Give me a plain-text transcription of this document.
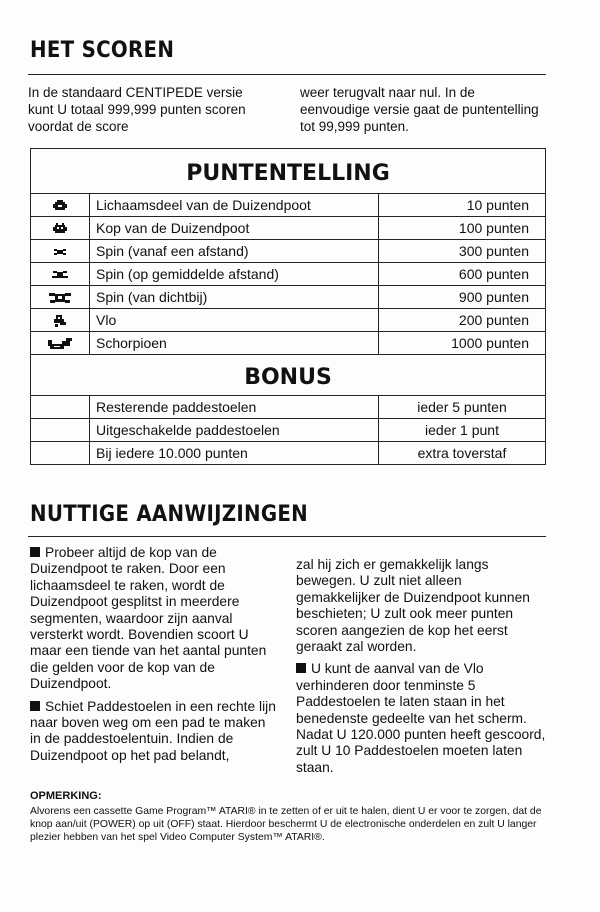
HET SCOREN

In de standaard CENTIPEDE versie kunt U totaal 999,999 punten scoren voordat de score

weer terugvalt naar nul. In de eenvoudige versie gaat de puntentelling tot 99,999 punten.

PUNTENTELLING		
	Lichaamsdeel van de Duizendpoot	10 punten
	Kop van de Duizendpoot	100 punten
	Spin (vanaf een afstand)	300 punten
	Spin (op gemiddelde afstand)	600 punten
	Spin (van dichtbij)	900 punten
	Vlo	200 punten
	Schorpioen	1000 punten
BONUS		
	Resterende paddestoelen	ieder 5 punten
	Uitgeschakelde paddestoelen	ieder 1 punt
	Bij iedere 10.000 punten	extra toverstaf
NUTTIGE AANWIJZINGEN

Probeer altijd de kop van de Duizendpoot te raken. Door een lichaamsdeel te raken, wordt de Duizendpoot gesplitst in meerdere segmenten, waardoor zijn aanval versterkt wordt. Bovendien scoort U maar een tiende van het aantal punten die gelden voor de kop van de Duizendpoot.

Schiet Paddestoelen in een rechte lijn naar boven weg om een pad te maken in de paddestoelentuin. Indien de Duizendpoot op het pad belandt,

zal hij zich er gemakkelijk langs bewegen. U zult niet alleen gemakkelijker de Duizendpoot kunnen beschieten; U zult ook meer punten scoren aangezien de kop het eerst geraakt zal worden.

U kunt de aanval van de Vlo verhinderen door tenminste 5 Paddestoelen te laten staan in het benedenste gedeelte van het scherm. Nadat U 120.000 punten heeft gescoord, zult U 10 Paddestoelen moeten laten staan.

OPMERKING:

Alvorens een cassette Game Program™ ATARI® in te zetten of er uit te halen, dient U er voor te zorgen, dat de knop aan/uit (POWER) op uit (OFF) staat. Hierdoor beschermt U de electronische onderdelen en zult U langer plezier hebben van het spel Video Computer System™ ATARI®.
